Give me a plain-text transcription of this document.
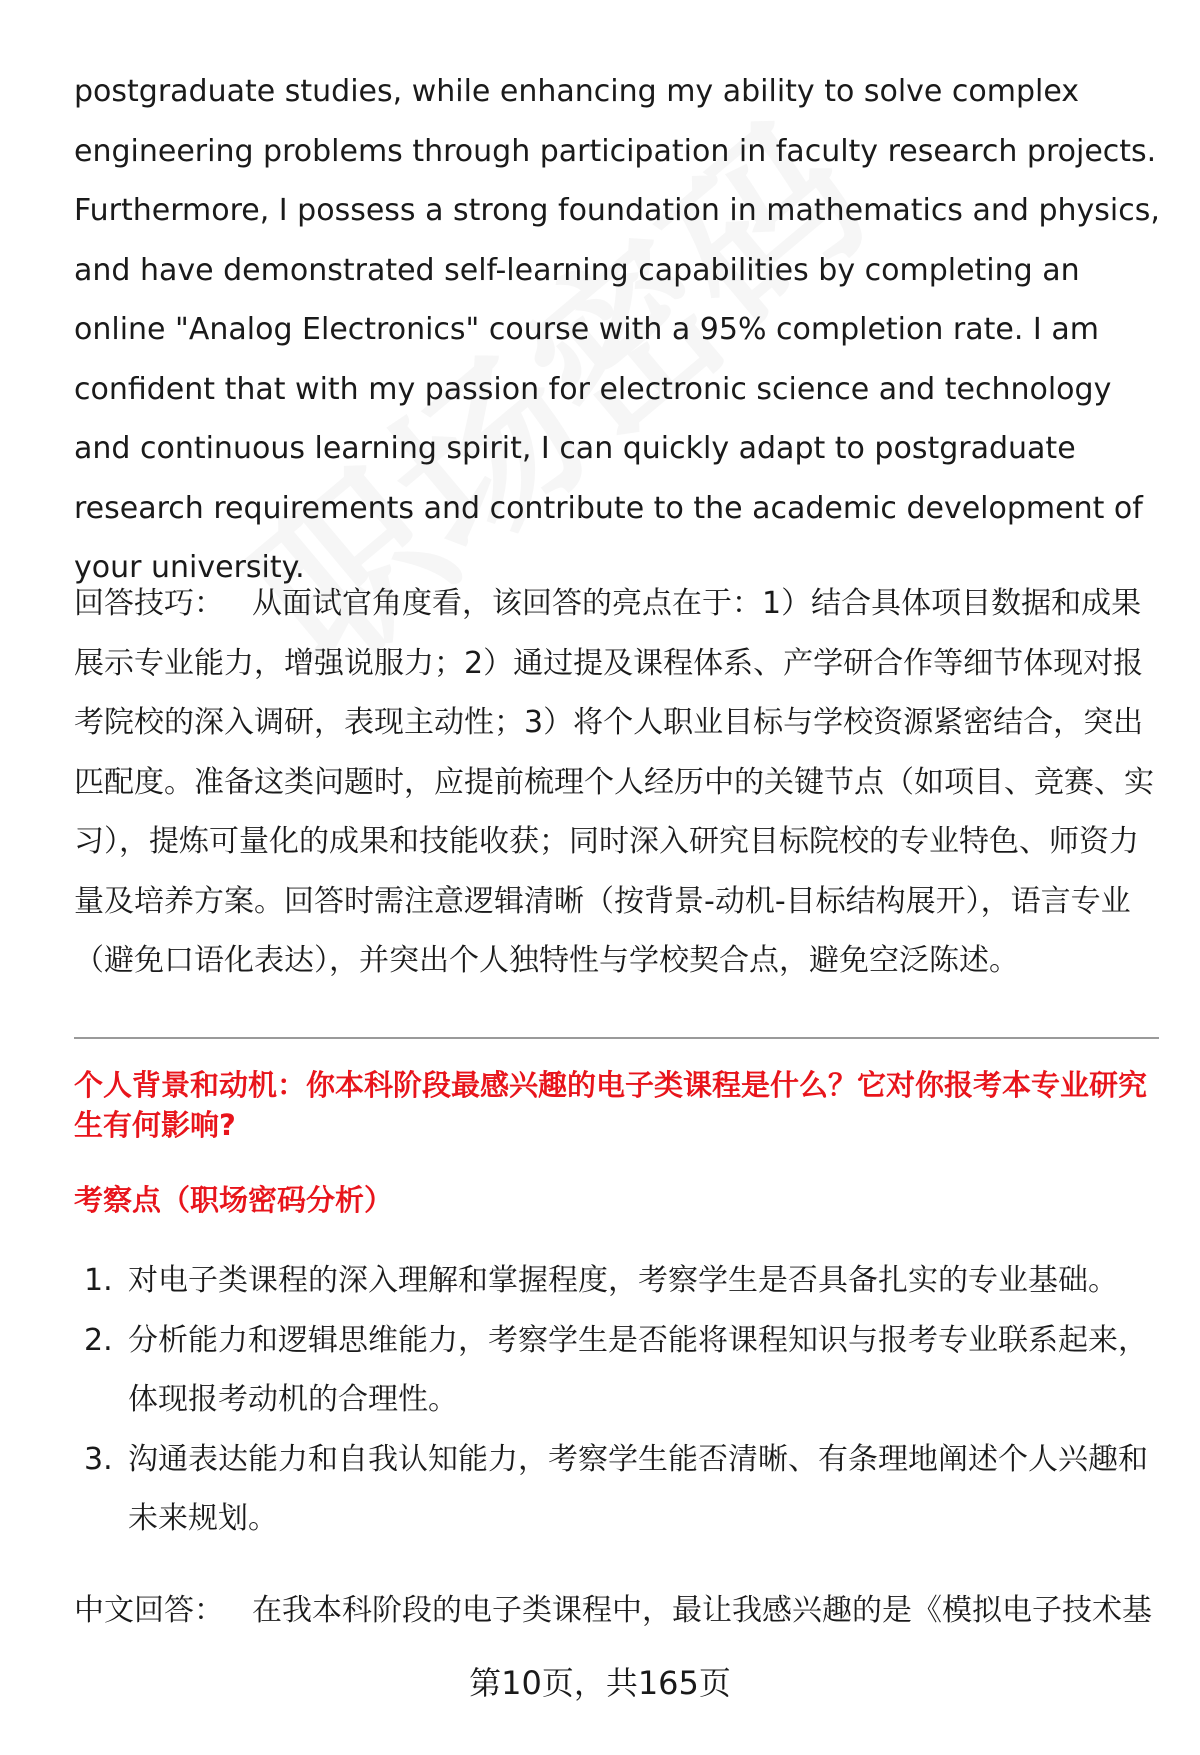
postgraduate studies, while enhancing my ability to solve complex engineering problems through participation in faculty research projects. Furthermore, I possess a strong foundation in mathematics and physics, and have demonstrated self-learning capabilities by completing an online "Analog Electronics" course with a 95% completion rate. I am confident that with my passion for electronic science and technology and continuous learning spirit, I can quickly adapt to postgraduate research requirements and contribute to the academic development of your university.

回答技巧： 从面试官角度看，该回答的亮点在于：1）结合具体项目数据和成果展示专业能力，增强说服力；2）通过提及课程体系、产学研合作等细节体现对报考院校的深入调研，表现主动性；3）将个人职业目标与学校资源紧密结合，突出匹配度。准备这类问题时，应提前梳理个人经历中的关键节点（如项目、竞赛、实习），提炼可量化的成果和技能收获；同时深入研究目标院校的专业特色、师资力量及培养方案。回答时需注意逻辑清晰（按背景-动机-目标结构展开），语言专业（避免口语化表达），并突出个人独特性与学校契合点，避免空泛陈述。

个人背景和动机：你本科阶段最感兴趣的电子类课程是什么？它对你报考本专业研究生有何影响?

考察点（职场密码分析）

1. 对电子类课程的深入理解和掌握程度，考察学生是否具备扎实的专业基础。
2. 分析能力和逻辑思维能力，考察学生是否能将课程知识与报考专业联系起来，体现报考动机的合理性。
3. 沟通表达能力和自我认知能力，考察学生能否清晰、有条理地阐述个人兴趣和未来规划。

中文回答： 在我本科阶段的电子类课程中，最让我感兴趣的是《模拟电子技术基

第10页，共165页
